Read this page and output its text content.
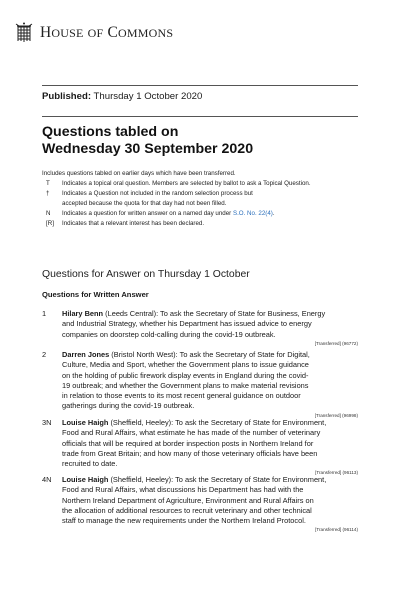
HOUSE OF COMMONS
Published: Thursday 1 October 2020
Questions tabled on
Wednesday 30 September 2020
Includes questions tabled on earlier days which have been transferred.
T	Indicates a topical oral question. Members are selected by ballot to ask a Topical Question.
†	Indicates a Question not included in the random selection process but
accepted because the quota for that day had not been filled.
N	Indicates a question for written answer on a named day under S.O. No. 22(4).
[R]	Indicates that a relevant interest has been declared.
Questions for Answer on Thursday 1 October
Questions for Written Answer
1	Hilary Benn (Leeds Central): To ask the Secretary of State for Business, Energy
and Industrial Strategy, whether his Department has issued advice to energy
companies on doorstep cold-calling during the covid-19 outbreak.
[Transferred] (96772)
2	Darren Jones (Bristol North West): To ask the Secretary of State for Digital,
Culture, Media and Sport, whether the Government plans to issue guidance
on the holding of public firework display events in England during the covid-
19 outbreak; and whether the Government plans to make material revisions
in relation to those events to its most recent general guidance on outdoor
gatherings during the covid-19 outbreak.
[Transferred] (96998)
3N	Louise Haigh (Sheffield, Heeley): To ask the Secretary of State for Environment,
Food and Rural Affairs, what estimate he has made of the number of veterinary
officials that will be required at border inspection posts in Northern Ireland for
trade from Great Britain; and how many of those veterinary officials have been
recruited to date.
[Transferred] (96113)
4N	Louise Haigh (Sheffield, Heeley): To ask the Secretary of State for Environment,
Food and Rural Affairs, what discussions his Department has had with the
Northern Ireland Department of Agriculture, Environment and Rural Affairs on
the allocation of additional resources to recruit veterinary and other technical
staff to manage the new requirements under the Northern Ireland Protocol.
[Transferred] (96114)
